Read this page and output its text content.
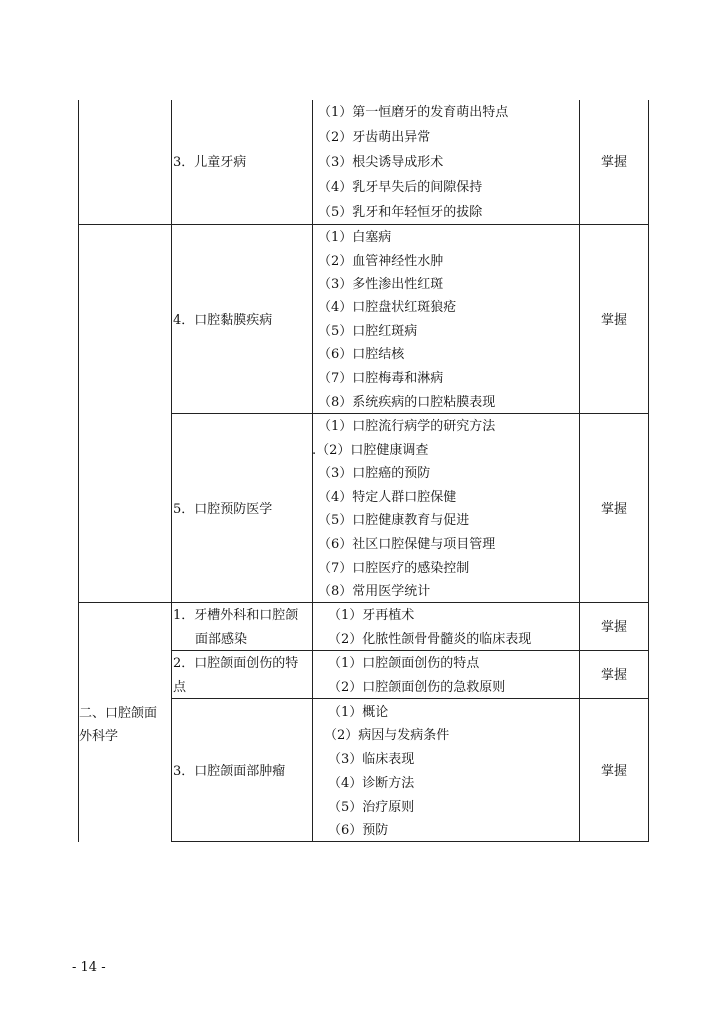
3．儿童牙病
（1）第一恒磨牙的发育萌出特点
（2）牙齿萌出异常
（3）根尖诱导成形术
（4）乳牙早失后的间隙保持
（5）乳牙和年轻恒牙的拔除
掌握
4．口腔黏膜疾病
（1）白塞病
（2）血管神经性水肿
（3）多性渗出性红斑
（4）口腔盘状红斑狼疮
（5）口腔红斑病
（6）口腔结核
（7）口腔梅毒和淋病
（8）系统疾病的口腔粘膜表现
掌握
5．口腔预防医学
（1）口腔流行病学的研究方法
.（2）口腔健康调查
（3）口腔癌的预防
（4）特定人群口腔保健
（5）口腔健康教育与促进
（6）社区口腔保健与项目管理
（7）口腔医疗的感染控制
（8）常用医学统计
掌握
二、口腔颌面
外科学
1．牙槽外科和口腔颌
面部感染
（1）牙再植术
（2）化脓性颌骨骨髓炎的临床表现
掌握
2．口腔颌面创伤的特
点
（1）口腔颌面创伤的特点
（2）口腔颌面创伤的急救原则
掌握
3．口腔颌面部肿瘤
（1）概论
（2）病因与发病条件
（3）临床表现
（4）诊断方法
（5）治疗原则
（6）预防
掌握
- 14 -
